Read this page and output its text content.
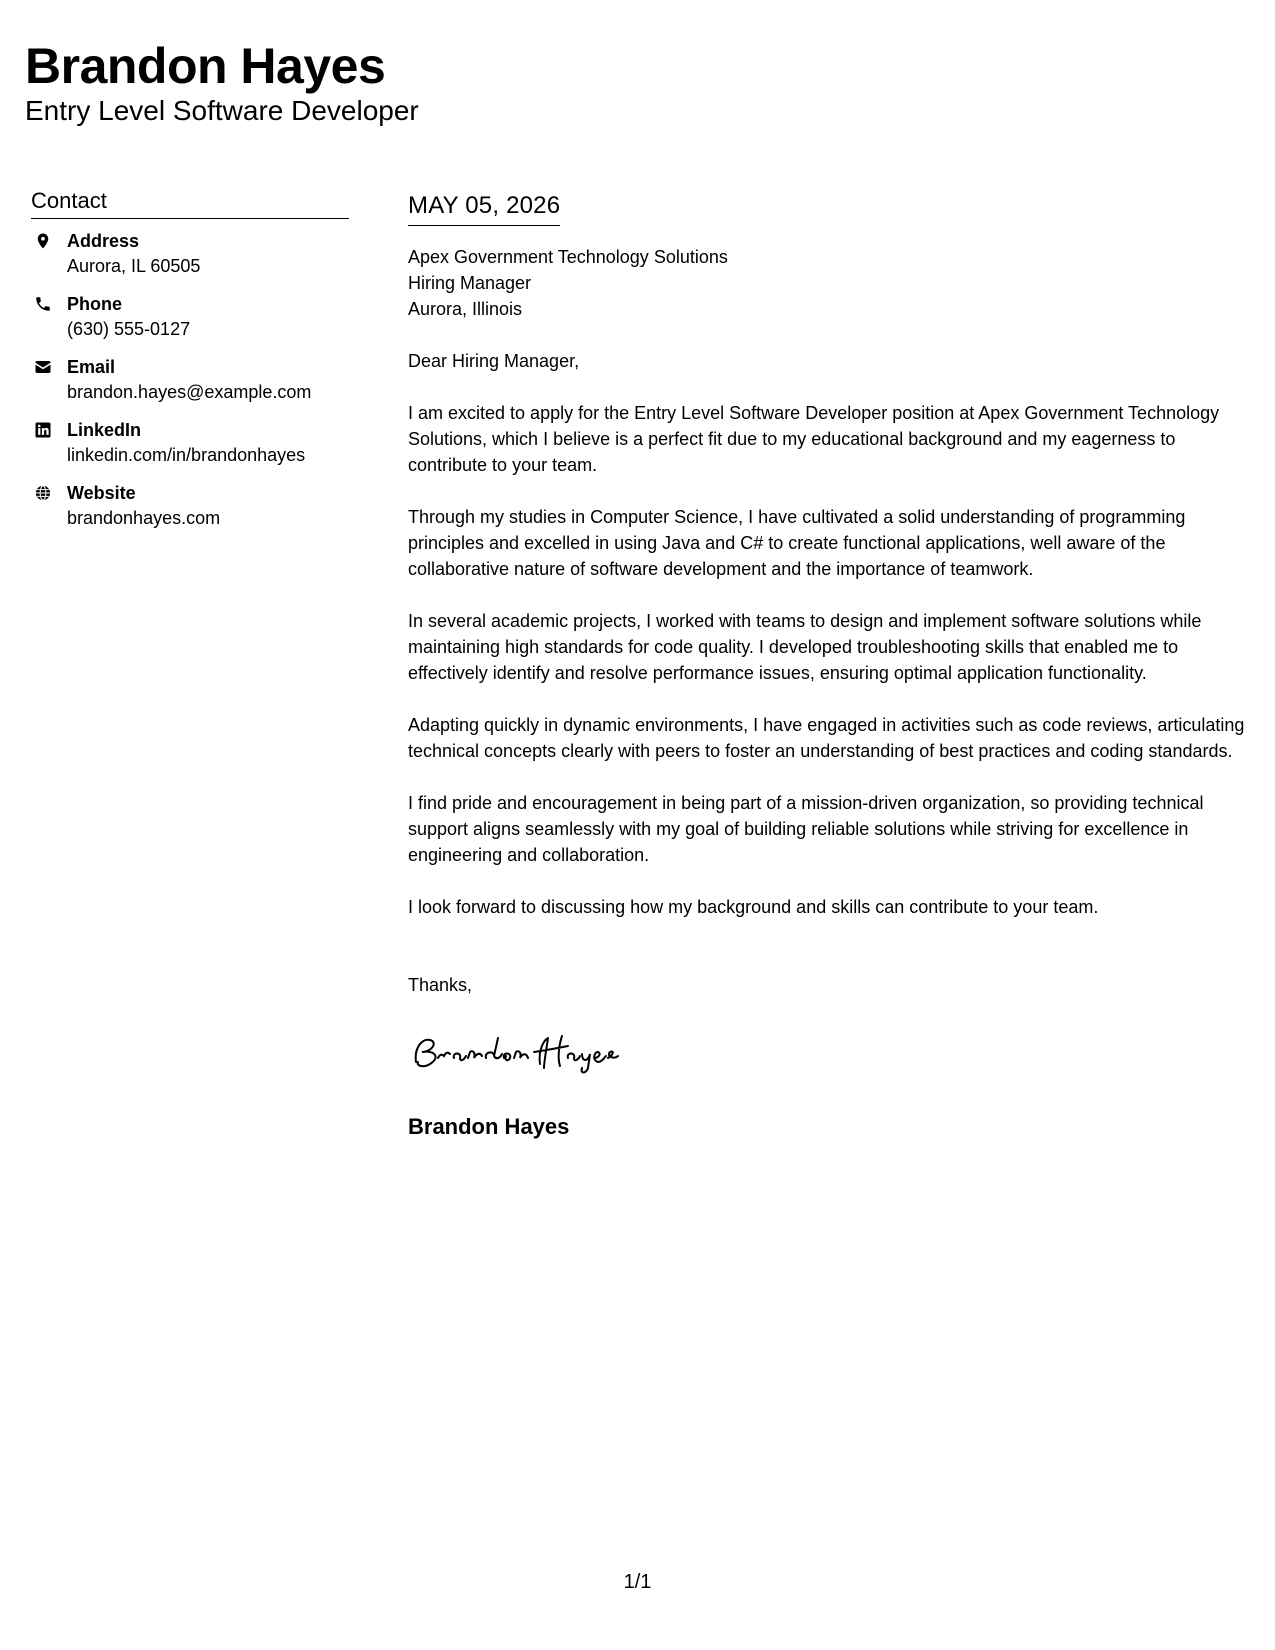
Brandon Hayes
Entry Level Software Developer
Contact
Address
Aurora, IL 60505
Phone
(630) 555-0127
Email
brandon.hayes@example.com
LinkedIn
linkedin.com/in/brandonhayes
Website
brandonhayes.com
MAY 05, 2026
Apex Government Technology Solutions
Hiring Manager
Aurora, Illinois
Dear Hiring Manager,

I am excited to apply for the Entry Level Software Developer position at Apex Government Technology Solutions, which I believe is a perfect fit due to my educational background and my eagerness to contribute to your team.

Through my studies in Computer Science, I have cultivated a solid understanding of programming principles and excelled in using Java and C# to create functional applications, well aware of the collaborative nature of software development and the importance of teamwork.

In several academic projects, I worked with teams to design and implement software solutions while maintaining high standards for code quality. I developed troubleshooting skills that enabled me to effectively identify and resolve performance issues, ensuring optimal application functionality.

Adapting quickly in dynamic environments, I have engaged in activities such as code reviews, articulating technical concepts clearly with peers to foster an understanding of best practices and coding standards.

I find pride and encouragement in being part of a mission-driven organization, so providing technical support aligns seamlessly with my goal of building reliable solutions while striving for excellence in engineering and collaboration.

I look forward to discussing how my background and skills can contribute to your team.

Thanks,
Brandon Hayes
1/1
